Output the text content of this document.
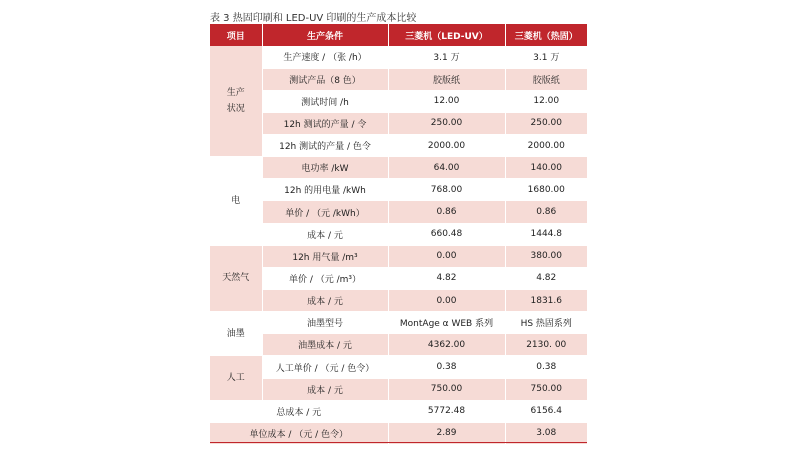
表 3 热固印刷和 LED-UV 印刷的生产成本比较
项目	生产条件	三菱机（LED-UV）	三菱机（热固）
生产状况	生产速度 / （张 /h）	3.1 万	3.1 万
	测试产品（8 色）	胶版纸	胶版纸
	测试时间 /h	12.00	12.00
	12h 测试的产量 / 令	250.00	250.00
	12h 测试的产量 / 色令	2000.00	2000.00
电	电功率 /kW	64.00	140.00
	12h 的用电量 /kWh	768.00	1680.00
	单价 / （元 /kWh）	0.86	0.86
	成本 / 元	660.48	1444.8
天然气	12h 用气量 /m³	0.00	380.00
	单价 / （元 /m³）	4.82	4.82
	成本 / 元	0.00	1831.6
油墨	油墨型号	MontAge α WEB 系列	HS 热固系列
	油墨成本 / 元	4362.00	2130. 00
人工	人工单价 / （元 / 色令）	0.38	0.38
	成本 / 元	750.00	750.00
总成本 / 元		5772.48	6156.4
单位成本 / （元 / 色令）		2.89	3.08
